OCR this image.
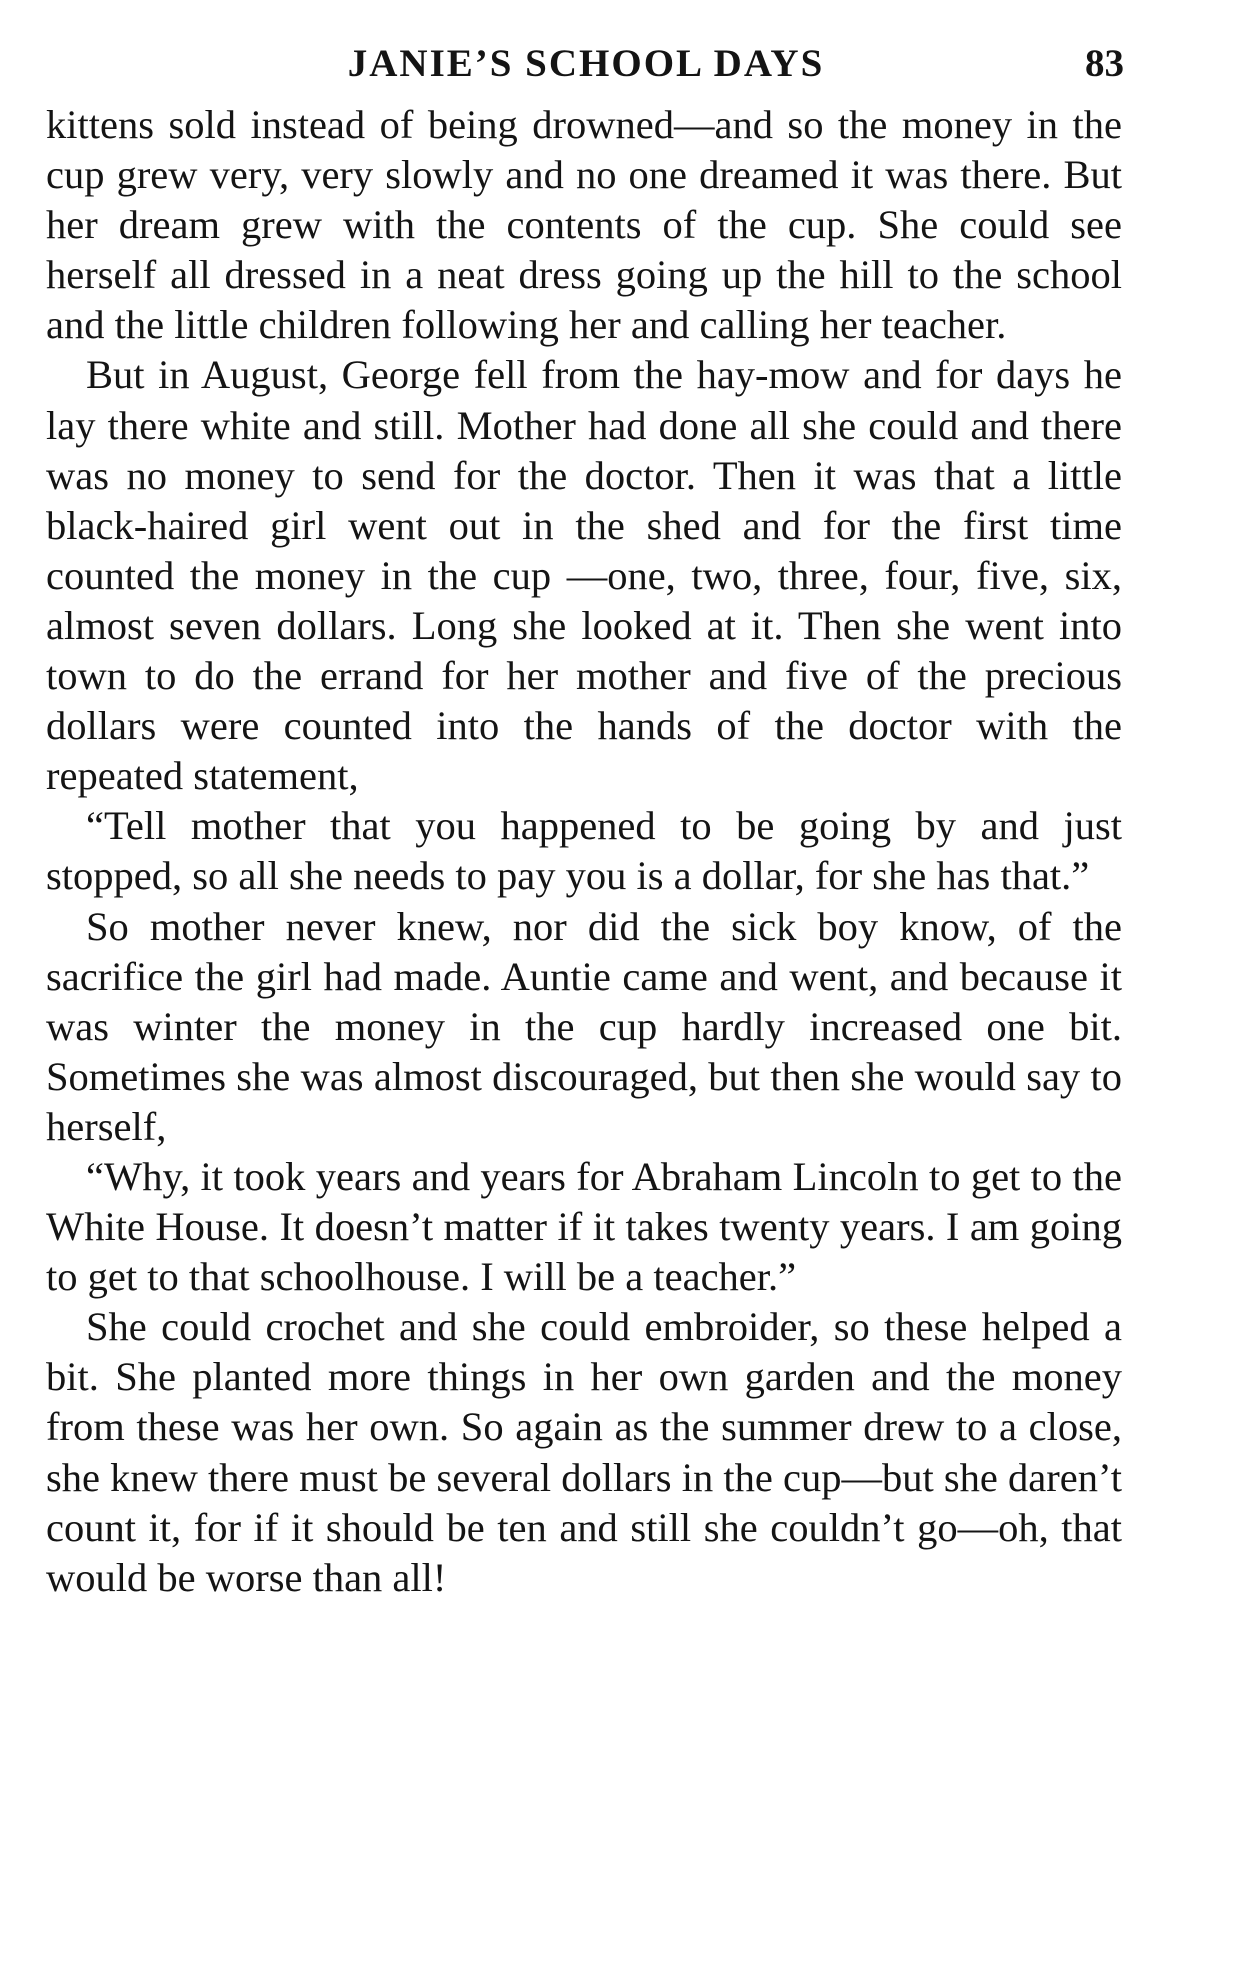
JANIE’S SCHOOL DAYS	83

kittens sold instead of being drowned—and so the money in the cup grew very, very slowly and no one dreamed it was there. But her dream grew with the contents of the cup. She could see herself all dressed in a neat dress going up the hill to the school and the little children following her and calling her teacher.

But in August, George fell from the hay-mow and for days he lay there white and still. Mother had done all she could and there was no money to send for the doctor. Then it was that a little black-haired girl went out in the shed and for the first time counted the money in the cup —one, two, three, four, five, six, almost seven dollars. Long she looked at it. Then she went into town to do the errand for her mother and five of the precious dollars were counted into the hands of the doctor with the repeated statement,

“Tell mother that you happened to be going by and just stopped, so all she needs to pay you is a dollar, for she has that.”

So mother never knew, nor did the sick boy know, of the sacrifice the girl had made. Auntie came and went, and because it was winter the money in the cup hardly increased one bit. Sometimes she was almost discouraged, but then she would say to herself,

“Why, it took years and years for Abraham Lincoln to get to the White House. It doesn’t matter if it takes twenty years. I am going to get to that schoolhouse. I will be a teacher.”

She could crochet and she could embroider, so these helped a bit. She planted more things in her own garden and the money from these was her own. So again as the summer drew to a close, she knew there must be several dollars in the cup—but she daren’t count it, for if it should be ten and still she couldn’t go—oh, that would be worse than all!
